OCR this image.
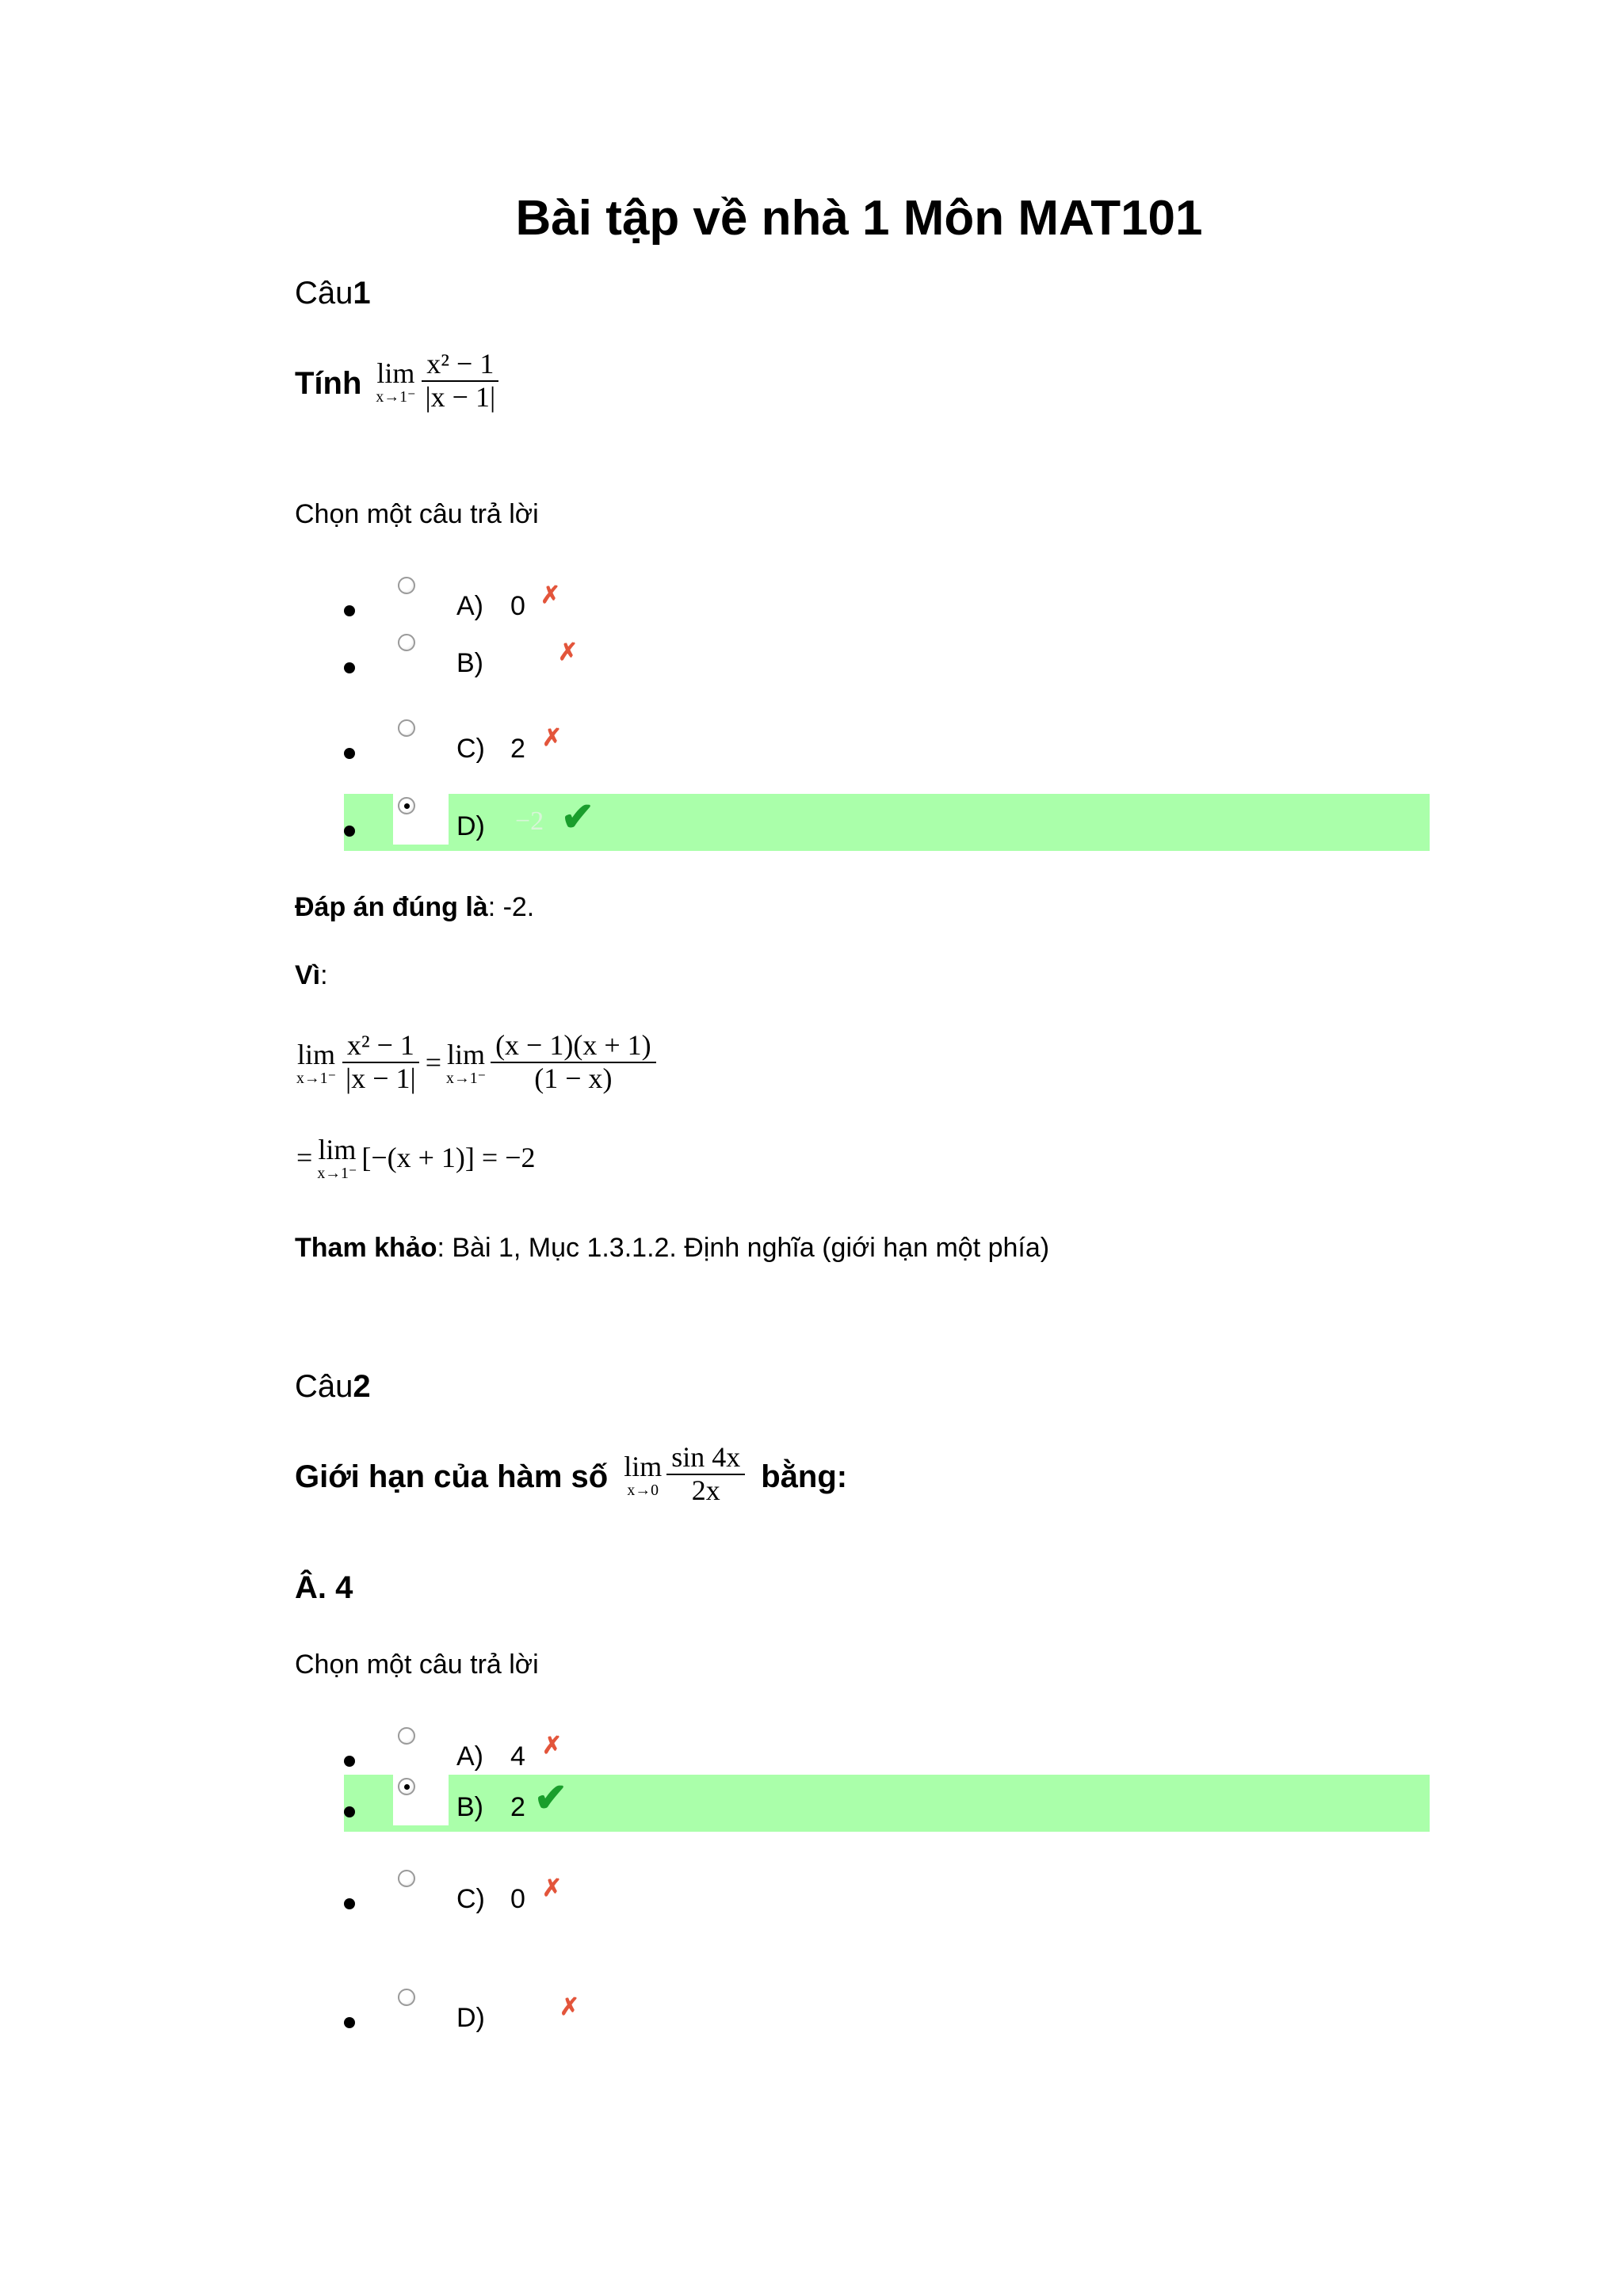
Bài tập về nhà 1 Môn MAT101
Câu1
Tính lim
$x\to 1^- \frac{\text{x² − 1}}{|x - 1|}$
Chọn một câu trả lời
A) 0 ✗
B)	✗
C) 2 ✗
D) −2 ✔
Đáp án đúng là: -2.
Vì:
lim
$x\to 1^- \frac{\text{x² − 1}}{|x - 1|} = \lim$
$x\to 1^- \frac{(x - 1)(x + 1)}{(1 - x)}$
= lim
x→1⁻
[−(x + 1)] = −2
Tham khảo: Bài 1, Mục 1.3.1.2. Định nghĩa (giới hạn một phía)
Câu2
Giới hạn của hàm số lim
$x\to 0 \frac{\sin 4x}{2x}$ bằng:
Â. 4
Chọn một câu trả lời
A) 4 ✗
B) 2 ✔
C) 0 ✗
D)	✗
